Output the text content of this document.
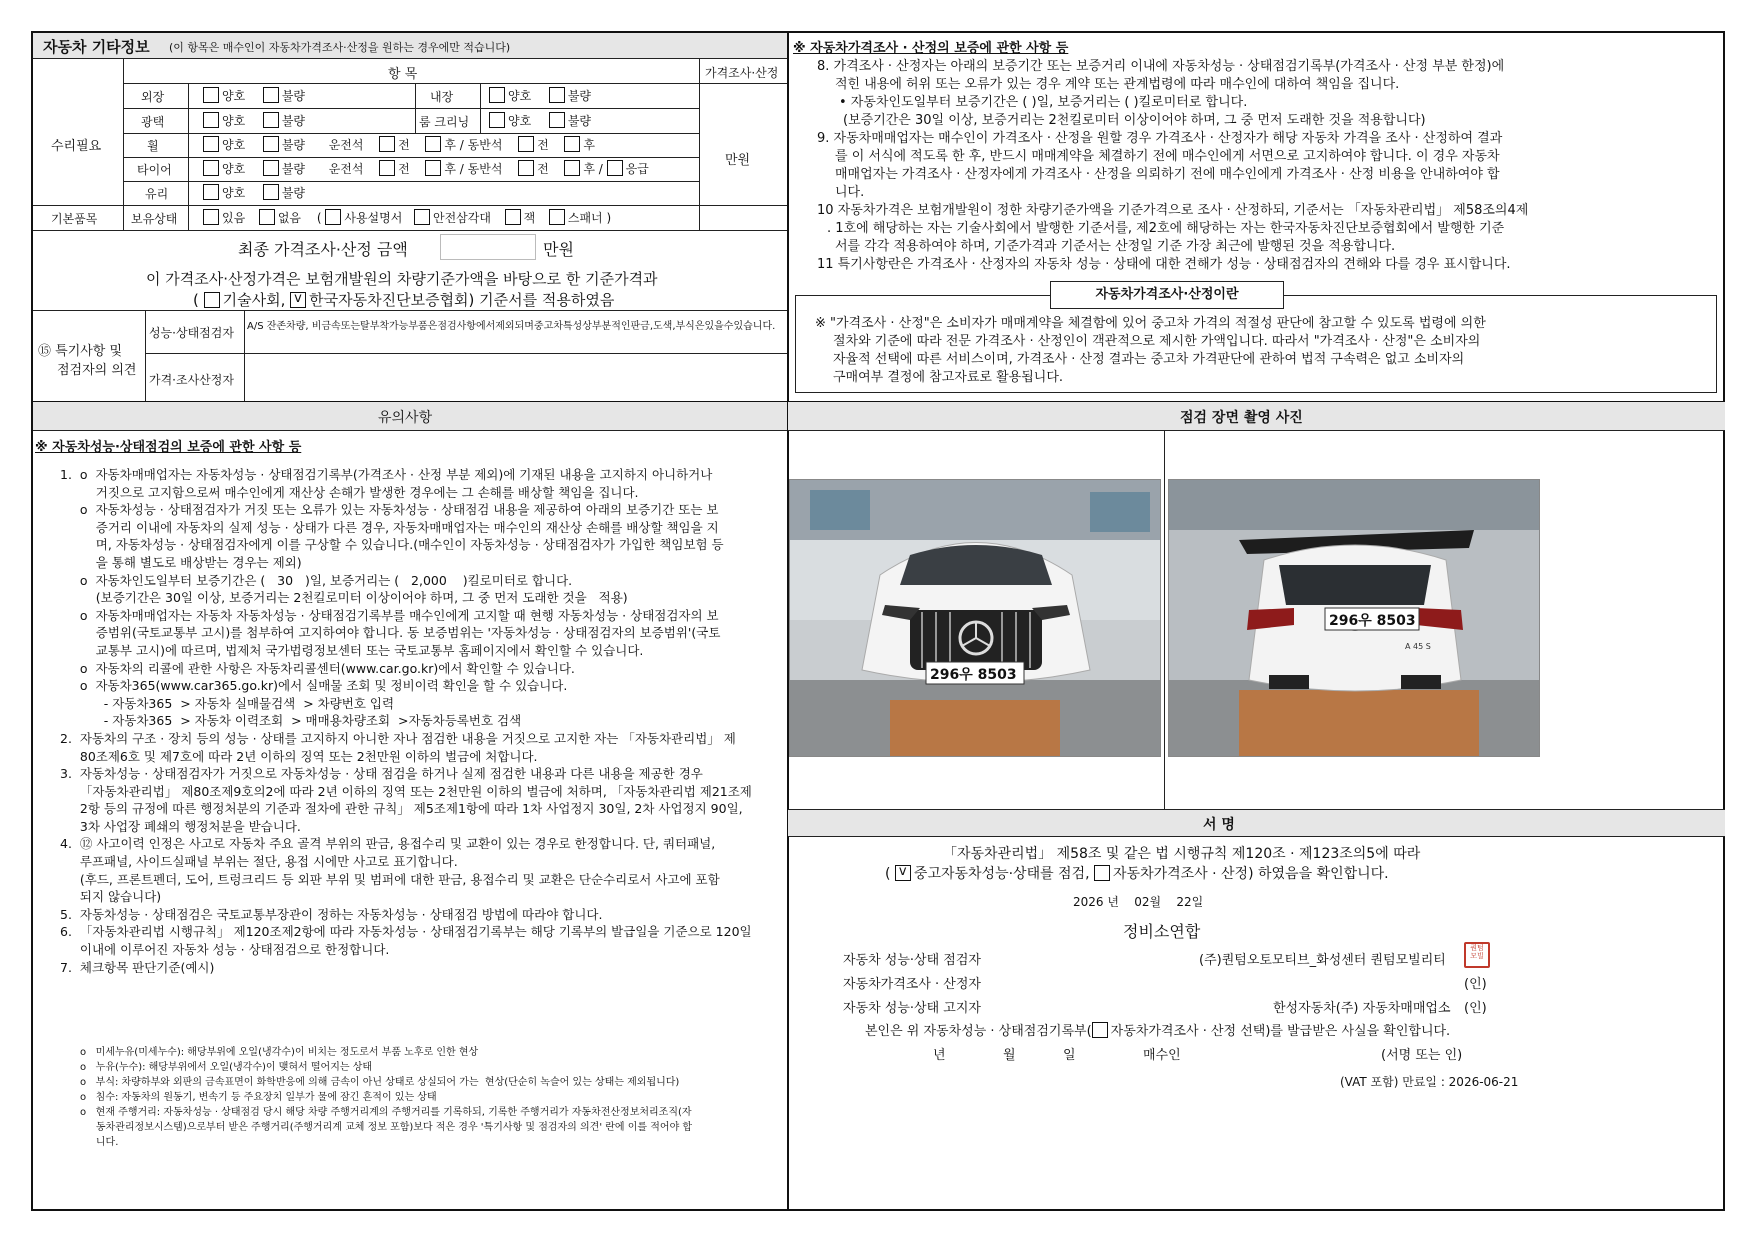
자동차 기타정보 (이 항목은 매수인이 자동차가격조사·산정을 원하는 경우에만 적습니다)
항 목	가격조사·산정
수리필요
만원
외장	양호	불량	내장	양호	불량
광택	양호	불량	룸 크리닝	양호	불량
휠	양호	불량 운전석	전	후 / 동반석	전	후
타이어	양호	불량 운전석	전	후 / 동반석	전	후 / 응급
유리	양호	불량
기본품목	보유상태	있음	없음 ( 사용설명서	안전삼각대	잭	스패너 )
최종 가격조사·산정 금액	만원
이 가격조사·산정가격은 보험개발원의 차량기준가액을 바탕으로 한 기준가격과
( 기술사회, v 한국자동차진단보증협회) 기준서를 적용하였음
⑮ 특기사항 및
점검자의 의견
성능·상태점검자 A/S 잔존차량, 비금속또는탈부착가능부품은점검사항에서제외되며중고차특성상부분적인판금,도색,부식은있을수있습니다.
가격·조사산정자
※ 자동차가격조사 · 산정의 보증에 관한 사항 등

8. 가격조사 · 산정자는 아래의 보증기간 또는 보증거리 이내에 자동차성능 · 상태점검기록부(가격조사 · 산정 부분 한정)에

적힌 내용에 허위 또는 오류가 있는 경우 계약 또는 관계법령에 따라 매수인에 대하여 책임을 집니다.

• 자동차인도일부터 보증기간은 ( )일, 보증거리는 ( )킬로미터로 합니다.

(보증기간은 30일 이상, 보증거리는 2천킬로미터 이상이어야 하며, 그 중 먼저 도래한 것을 적용합니다)

9. 자동차매매업자는 매수인이 가격조사 · 산정을 원할 경우 가격조사 · 산정자가 해당 자동차 가격을 조사 · 산정하여 결과

를 이 서식에 적도록 한 후, 반드시 매매계약을 체결하기 전에 매수인에게 서면으로 고지하여야 합니다. 이 경우 자동차

매매업자는 가격조사 · 산정자에게 가격조사 · 산정을 의뢰하기 전에 매수인에게 가격조사 · 산정 비용을 안내하여야 합

니다.

10 자동차가격은 보험개발원이 정한 차량기준가액을 기준가격으로 조사 · 산정하되, 기준서는 「자동차관리법」 제58조의4제

. 1호에 해당하는 자는 기술사회에서 발행한 기준서를, 제2호에 해당하는 자는 한국자동차진단보증협회에서 발행한 기준

서를 각각 적용하여야 하며, 기준가격과 기준서는 산정일 기준 가장 최근에 발행된 것을 적용합니다.

11 특기사항란은 가격조사 · 산정자의 자동차 성능 · 상태에 대한 견해가 성능 · 상태점검자의 견해와 다를 경우 표시합니다.

자동차가격조사·산정이란

※ "가격조사 · 산정"은 소비자가 매매계약을 체결함에 있어 중고차 가격의 적절성 판단에 참고할 수 있도록 법령에 의한

절차와 기준에 따라 전문 가격조사 · 산정인이 객관적으로 제시한 가액입니다. 따라서 "가격조사 · 산정"은 소비자의

자율적 선택에 따른 서비스이며, 가격조사 · 산정 결과는 중고차 가격판단에 관하여 법적 구속력은 없고 소비자의

구매여부 결정에 참고자료로 활용됩니다.

유의사항
※ 자동차성능·상태점검의 보증에 관한 사항 등

1.  o  자동차매매업자는 자동차성능 · 상태점검기록부(가격조사 · 산정 부분 제외)에 기재된 내용을 고지하지 아니하거나

거짓으로 고지함으로써 매수인에게 재산상 손해가 발생한 경우에는 그 손해를 배상할 책임을 집니다.

o  자동차성능 · 상태점검자가 거짓 또는 오류가 있는 자동차성능 · 상태점검 내용을 제공하여 아래의 보증기간 또는 보

증거리 이내에 자동차의 실제 성능 · 상태가 다른 경우, 자동차매매업자는 매수인의 재산상 손해를 배상할 책임을 지

며, 자동차성능 · 상태점검자에게 이를 구상할 수 있습니다.(매수인이 자동차성능 · 상태점검자가 가입한 책임보험 등

을 통해 별도로 배상받는 경우는 제외)

o  자동차인도일부터 보증기간은 (   30   )일, 보증거리는 (   2,000    )킬로미터로 합니다.

(보증기간은 30일 이상, 보증거리는 2천킬로미터 이상이어야 하며, 그 중 먼저 도래한 것을   적용)

o  자동차매매업자는 자동차 자동차성능 · 상태점검기록부를 매수인에게 고지할 때 현행 자동차성능 · 상태점검자의 보

증범위(국토교통부 고시)를 첨부하여 고지하여야 합니다. 동 보증범위는 '자동차성능 · 상태점검자의 보증범위'(국토

교통부 고시)에 따르며, 법제처 국가법령정보센터 또는 국토교통부 홈페이지에서 확인할 수 있습니다.

o  자동차의 리콜에 관한 사항은 자동차리콜센터(www.car.go.kr)에서 확인할 수 있습니다.

o  자동차365(www.car365.go.kr)에서 실매물 조회 및 정비이력 확인을 할 수 있습니다.

- 자동차365  > 자동차 실매물검색  > 차량번호 입력

- 자동차365  > 자동차 이력조회  > 매매용차량조회  >자동차등록번호 검색

2.  자동차의 구조 · 장치 등의 성능 · 상태를 고지하지 아니한 자나 점검한 내용을 거짓으로 고지한 자는 「자동차관리법」 제

80조제6호 및 제7호에 따라 2년 이하의 징역 또는 2천만원 이하의 벌금에 처합니다.

3.  자동차성능 · 상태점검자가 거짓으로 자동차성능 · 상태 점검을 하거나 실제 점검한 내용과 다른 내용을 제공한 경우

「자동차관리법」 제80조제9호의2에 따라 2년 이하의 징역 또는 2천만원 이하의 벌금에 처하며, 「자동차관리법 제21조제

2항 등의 규정에 따른 행정처분의 기준과 절차에 관한 규칙」 제5조제1항에 따라 1차 사업정지 30일, 2차 사업정지 90일,

3차 사업장 폐쇄의 행정처분을 받습니다.

4.  ⑫ 사고이력 인정은 사고로 자동차 주요 골격 부위의 판금, 용접수리 및 교환이 있는 경우로 한정합니다. 단, 쿼터패널,

루프패널, 사이드실패널 부위는 절단, 용접 시에만 사고로 표기합니다.

(후드, 프론트펜더, 도어, 트렁크리드 등 외판 부위 및 범퍼에 대한 판금, 용접수리 및 교환은 단순수리로서 사고에 포함

되지 않습니다)

5.  자동차성능 · 상태점검은 국토교통부장관이 정하는 자동차성능 · 상태점검 방법에 따라야 합니다.

6.  「자동차관리법 시행규칙」 제120조제2항에 따라 자동차성능 · 상태점검기록부는 해당 기록부의 발급일을 기준으로 120일

이내에 이루어진 자동차 성능 · 상태점검으로 한정합니다.

7.  체크항목 판단기준(예시)

o   미세누유(미세누수): 해당부위에 오일(냉각수)이 비치는 정도로서 부품 노후로 인한 현상

o   누유(누수): 해당부위에서 오일(냉각수)이 맺혀서 떨어지는 상태

o   부식: 차량하부와 외판의 금속표면이 화학반응에 의해 금속이 아닌 상태로 상실되어 가는  현상(단순히 녹슬어 있는 상태는 제외됩니다)

o   침수: 자동차의 원동기, 변속기 등 주요장치 일부가 물에 잠긴 흔적이 있는 상태

o   현재 주행거리: 자동차성능 · 상태점검 당시 해당 차량 주행거리계의 주행거리를 기록하되, 기록한 주행거리가 자동차전산정보처리조직(자

동차관리정보시스템)으로부터 받은 주행거리(주행거리계 교체 정보 포함)보다 적은 경우 '특기사항 및 점검자의 의견' 란에 이를 적어야 합

니다.

점검 장면 촬영 사진
296우 8503
296우 8503
A 45 S
서 명
「자동차관리법」 제58조 및 같은 법 시행규칙 제120조 · 제123조의5에 따라
( v 중고자동차성능·상태를 점검, 자동차가격조사 · 산정) 하였음을 확인합니다.
2026 년 02월 22일
정비소연합
자동차 성능·상태 점검자	(주)퀀텀오토모티브_화성센터 퀀텀모빌리티
퀀텀 모빌
자동차가격조사 · 산정자	(인)
자동차 성능·상태 고지자	한성자동차(주) 자동차매매업소 (인)
본인은 위 자동차성능 · 상태점검기록부( 자동차가격조사 · 산정 선택)를 발급받은 사실을 확인합니다.
년	월	일	매수인	(서명 또는 인)
(VAT 포함) 만료일 : 2026-06-21
